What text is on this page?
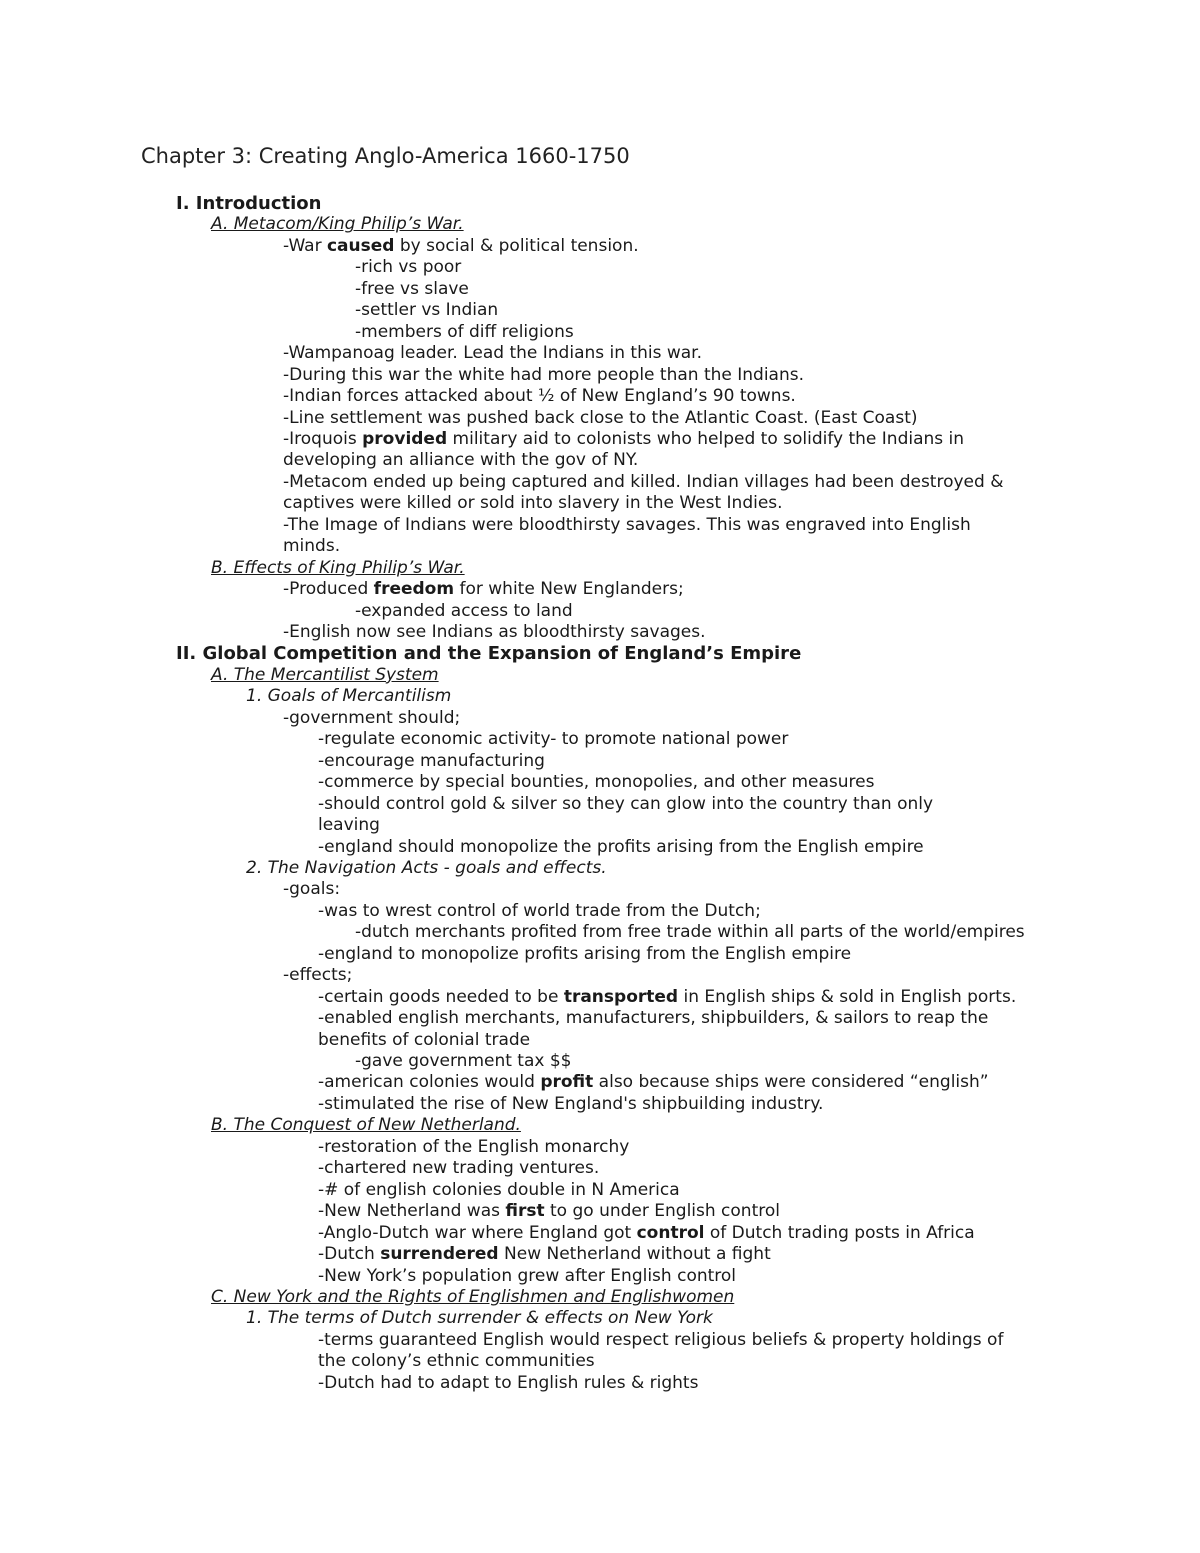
Chapter 3: Creating Anglo-America 1660-1750
I. Introduction
A. Metacom/King Philip’s War.
-War caused by social & political tension.
-rich vs poor
-free vs slave
-settler vs Indian
-members of diff religions
-Wampanoag leader. Lead the Indians in this war.
-During this war the white had more people than the Indians.
-Indian forces attacked about ½ of New England’s 90 towns.
-Line settlement was pushed back close to the Atlantic Coast. (East Coast)
-Iroquois provided military aid to colonists who helped to solidify the Indians in
developing an alliance with the gov of NY.
-Metacom ended up being captured and killed. Indian villages had been destroyed &
captives were killed or sold into slavery in the West Indies.
-The Image of Indians were bloodthirsty savages. This was engraved into English
minds.
B. Effects of King Philip’s War.
-Produced freedom for white New Englanders;
-expanded access to land
-English now see Indians as bloodthirsty savages.
II. Global Competition and the Expansion of England’s Empire
A. The Mercantilist System
1. Goals of Mercantilism
-government should;
-regulate economic activity- to promote national power
-encourage manufacturing
-commerce by special bounties, monopolies, and other measures
-should control gold & silver so they can glow into the country than only
leaving
-england should monopolize the profits arising from the English empire
2. The Navigation Acts - goals and effects.
-goals:
-was to wrest control of world trade from the Dutch;
-dutch merchants profited from free trade within all parts of the world/empires
-england to monopolize profits arising from the English empire
-effects;
-certain goods needed to be transported in English ships & sold in English ports.
-enabled english merchants, manufacturers, shipbuilders, & sailors to reap the
benefits of colonial trade
-gave government tax $$
-american colonies would profit also because ships were considered “english”
-stimulated the rise of New England's shipbuilding industry.
B. The Conquest of New Netherland.
-restoration of the English monarchy
-chartered new trading ventures.
-# of english colonies double in N America
-New Netherland was first to go under English control
-Anglo-Dutch war where England got control of Dutch trading posts in Africa
-Dutch surrendered New Netherland without a fight
-New York’s population grew after English control
C. New York and the Rights of Englishmen and Englishwomen
1. The terms of Dutch surrender & effects on New York
-terms guaranteed English would respect religious beliefs & property holdings of
the colony’s ethnic communities
-Dutch had to adapt to English rules & rights
